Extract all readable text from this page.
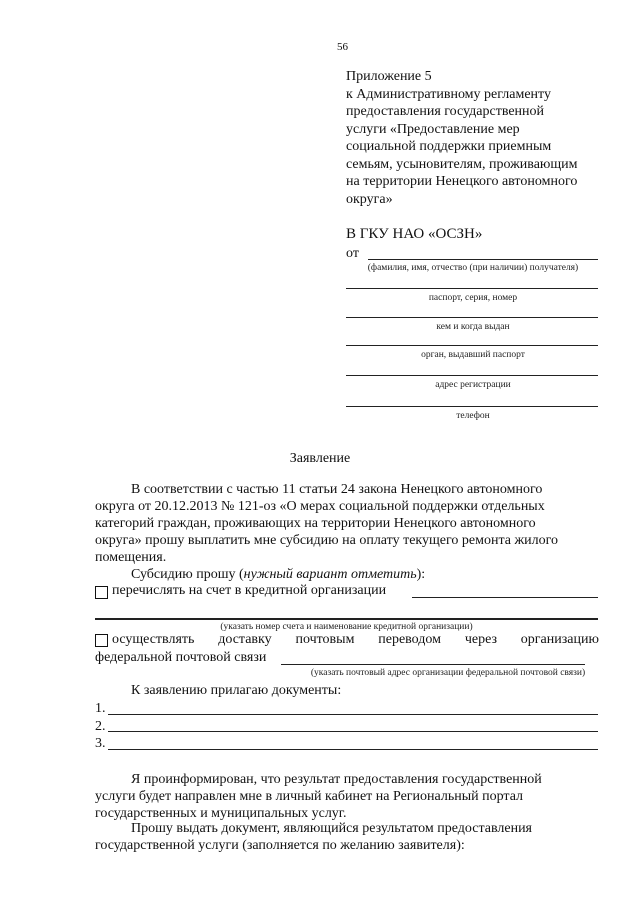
56
Приложение 5
к Административному регламенту
предоставления государственной
услуги «Предоставление мер
социальной поддержки приемным
семьям, усыновителям, проживающим
на территории Ненецкого автономного
округа»
В ГКУ НАО «ОСЗН»
от
(фамилия, имя, отчество (при наличии) получателя)
паспорт, серия, номер
кем и когда выдан
орган, выдавший паспорт
адрес регистрации
телефон
Заявление
В соответствии с частью 11 статьи 24 закона Ненецкого автономного
округа от 20.12.2013 № 121-оз «О мерах социальной поддержки отдельных
категорий граждан, проживающих на территории Ненецкого автономного
округа» прошу выплатить мне субсидию на оплату текущего ремонта жилого
помещения.
Субсидию прошу (нужный вариант отметить):
перечислять на счет в кредитной организации
(указать номер счета и наименование кредитной организации)
осуществлять доставку почтовым переводом через организацию
федеральной почтовой связи
(указать почтовый адрес организации федеральной почтовой связи)
К заявлению прилагаю документы:
1.
2.
3.
Я проинформирован, что результат предоставления государственной
услуги будет направлен мне в личный кабинет на Региональный портал
государственных и муниципальных услуг.
Прошу выдать документ, являющийся результатом предоставления
государственной услуги (заполняется по желанию заявителя):
